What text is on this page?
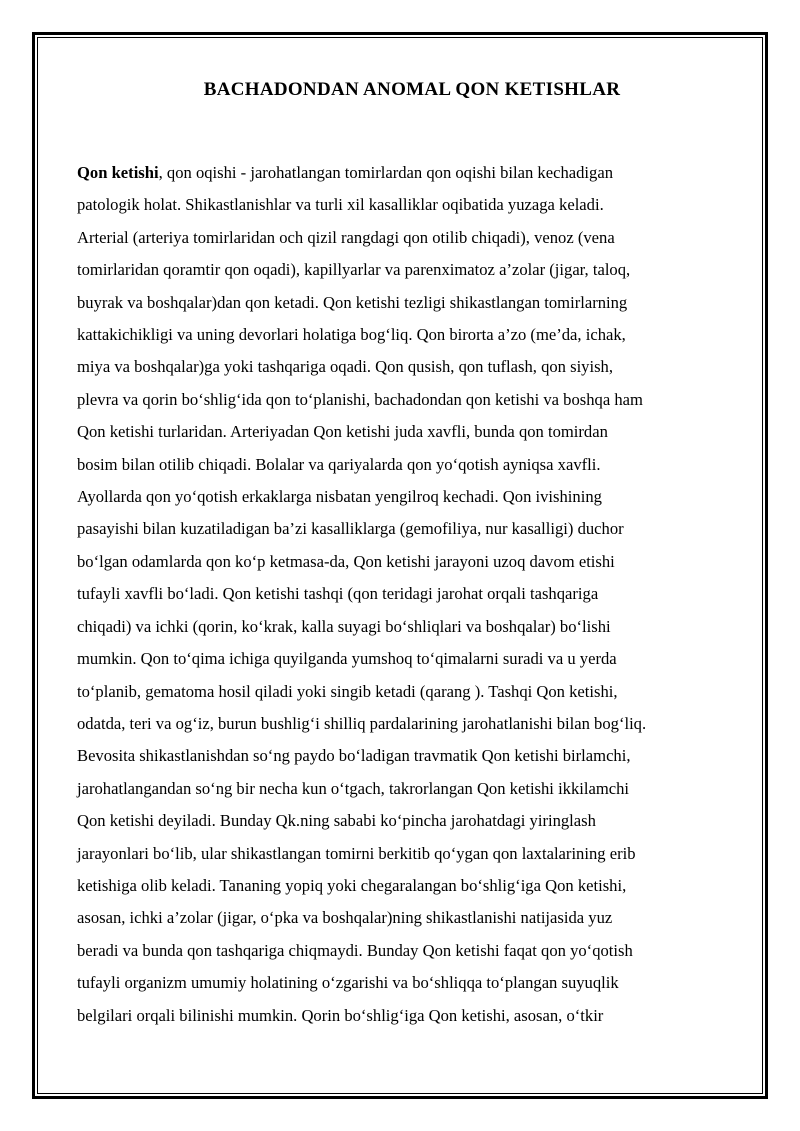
BACHADONDAN ANOMAL QON KETISHLAR
Qon ketishi, qon oqishi - jarohatlangan tomirlardan qon oqishi bilan kechadigan
patologik holat. Shikastlanishlar va turli xil kasalliklar oqibatida yuzaga keladi.
Arterial (arteriya tomirlaridan och qizil rangdagi qon otilib chiqadi), venoz (vena
tomirlaridan qoramtir qon oqadi), kapillyarlar va parenximatoz a’zolar (jigar, taloq,
buyrak va boshqalar)dan qon ketadi. Qon ketishi tezligi shikastlangan tomirlarning
kattakichikligi va uning devorlari holatiga bog‘liq. Qon birorta a’zo (me’da, ichak,
miya va boshqalar)ga yoki tashqariga oqadi. Qon qusish, qon tuflash, qon siyish,
plevra va qorin bo‘shlig‘ida qon to‘planishi, bachadondan qon ketishi va boshqa ham
Qon ketishi turlaridan. Arteriyadan Qon ketishi juda xavfli, bunda qon tomirdan
bosim bilan otilib chiqadi. Bolalar va qariyalarda qon yo‘qotish ayniqsa xavfli.
Ayollarda qon yo‘qotish erkaklarga nisbatan yengilroq kechadi. Qon ivishining
pasayishi bilan kuzatiladigan ba’zi kasalliklarga (gemofiliya, nur kasalligi) duchor
bo‘lgan odamlarda qon ko‘p ketmasa-da, Qon ketishi jarayoni uzoq davom etishi
tufayli xavfli bo‘ladi. Qon ketishi tashqi (qon teridagi jarohat orqali tashqariga
chiqadi) va ichki (qorin, ko‘krak, kalla suyagi bo‘shliqlari va boshqalar) bo‘lishi
mumkin. Qon to‘qima ichiga quyilganda yumshoq to‘qimalarni suradi va u yerda
to‘planib, gematoma hosil qiladi yoki singib ketadi (qarang ). Tashqi Qon ketishi,
odatda, teri va og‘iz, burun bushlig‘i shilliq pardalarining jarohatlanishi bilan bog‘liq.
Bevosita shikastlanishdan so‘ng paydo bo‘ladigan travmatik Qon ketishi birlamchi,
jarohatlangandan so‘ng bir necha kun o‘tgach, takrorlangan Qon ketishi ikkilamchi
Qon ketishi deyiladi. Bunday Qk.ning sababi ko‘pincha jarohatdagi yiringlash
jarayonlari bo‘lib, ular shikastlangan tomirni berkitib qo‘ygan qon laxtalarining erib
ketishiga olib keladi. Tananing yopiq yoki chegaralangan bo‘shlig‘iga Qon ketishi,
asosan, ichki a’zolar (jigar, o‘pka va boshqalar)ning shikastlanishi natijasida yuz
beradi va bunda qon tashqariga chiqmaydi. Bunday Qon ketishi faqat qon yo‘qotish
tufayli organizm umumiy holatining o‘zgarishi va bo‘shliqqa to‘plangan suyuqlik
belgilari orqali bilinishi mumkin. Qorin bo‘shlig‘iga Qon ketishi, asosan, o‘tkir
